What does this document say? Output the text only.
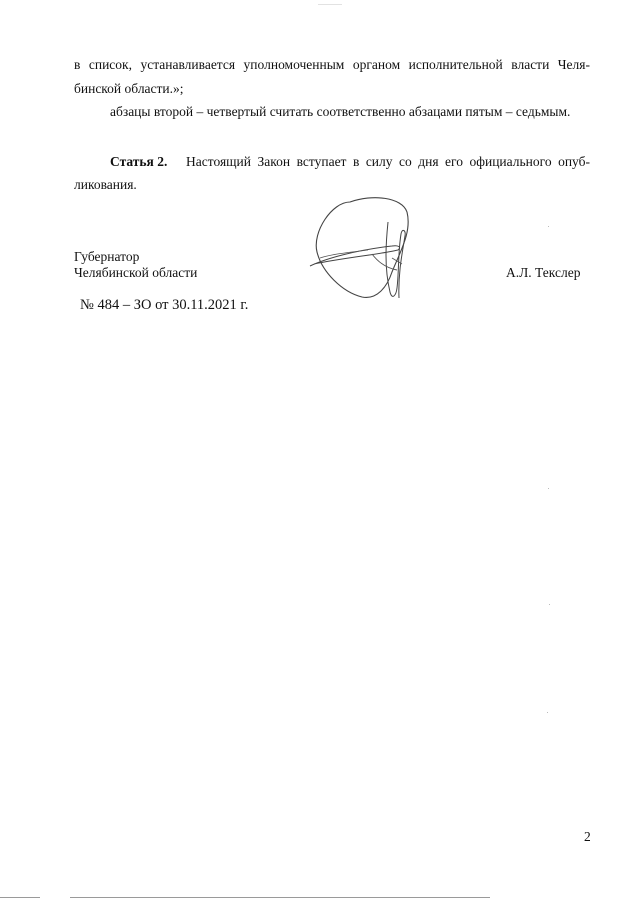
в список, устанавливается уполномоченным органом исполнительной власти Челя-
бинской области.»;
абзацы второй – четвертый считать соответственно абзацами пятым – седьмым.
Статья 2. Настоящий Закон вступает в силу со дня его официального опуб-
ликования.
Губернатор
Челябинской области	А.Л. Текслер
№ 484 – ЗО от 30.11.2021 г.
2
